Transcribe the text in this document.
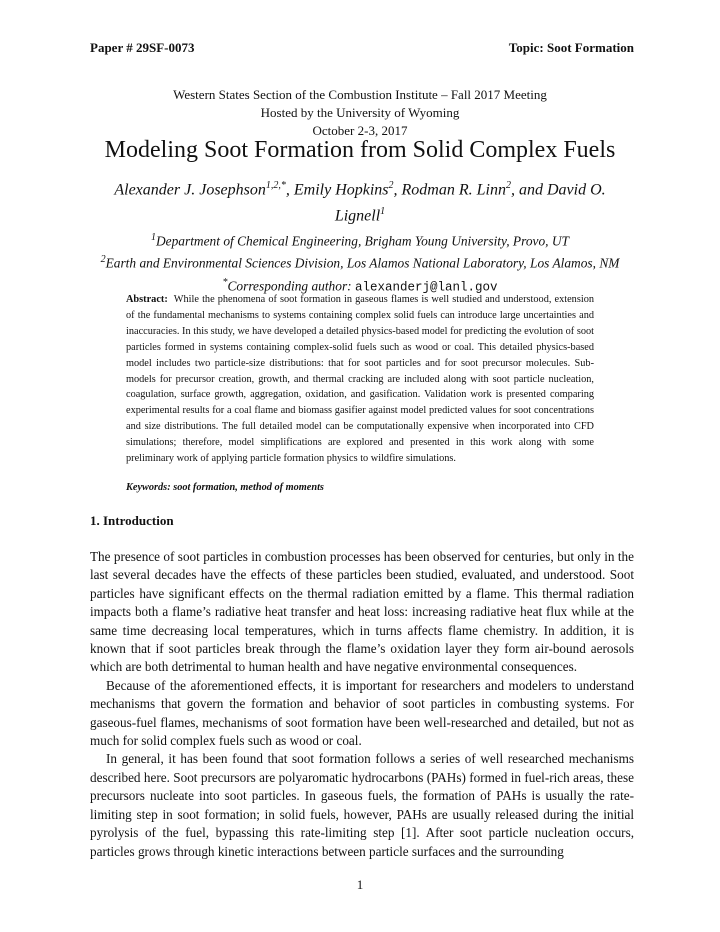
Paper # 29SF-0073	Topic: Soot Formation
Western States Section of the Combustion Institute – Fall 2017 Meeting
Hosted by the University of Wyoming
October 2-3, 2017
Modeling Soot Formation from Solid Complex Fuels
Alexander J. Josephson$^{1,2,*}$, Emily Hopkins$^2$, Rodman R. Linn$^2$, and David O. Lignell$^1$
$^1$Department of Chemical Engineering, Brigham Young University, Provo, UT
$^2$Earth and Environmental Sciences Division, Los Alamos National Laboratory, Los Alamos, NM
*Corresponding author: alexanderj@lanl.gov
Abstract: While the phenomena of soot formation in gaseous flames is well studied and understood, extension of the fundamental mechanisms to systems containing complex solid fuels can introduce large uncertainties and inaccuracies. In this study, we have developed a detailed physics-based model for predicting the evolution of soot particles formed in systems containing complex-solid fuels such as wood or coal. This detailed physics-based model includes two particle-size distributions: that for soot particles and for soot precursor molecules. Sub-models for precursor creation, growth, and thermal cracking are included along with soot particle nucleation, coagulation, surface growth, aggregation, oxidation, and gasification. Validation work is presented comparing experimental results for a coal flame and biomass gasifier against model predicted values for soot concentrations and size distributions. The full detailed model can be computationally expensive when incorporated into CFD simulations; therefore, model simplifications are explored and presented in this work along with some preliminary work of applying particle formation physics to wildfire simulations.
Keywords: soot formation, method of moments
1. Introduction

The presence of soot particles in combustion processes has been observed for centuries, but only in the last several decades have the effects of these particles been studied, evaluated, and understood. Soot particles have significant effects on the thermal radiation emitted by a flame. This thermal radiation impacts both a flame’s radiative heat transfer and heat loss: increasing radiative heat flux while at the same time decreasing local temperatures, which in turns affects flame chemistry. In addition, it is known that if soot particles break through the flame’s oxidation layer they form air-bound aerosols which are both detrimental to human health and have negative environmental consequences.

Because of the aforementioned effects, it is important for researchers and modelers to understand mechanisms that govern the formation and behavior of soot particles in combusting systems. For gaseous-fuel flames, mechanisms of soot formation have been well-researched and detailed, but not as much for solid complex fuels such as wood or coal.

In general, it has been found that soot formation follows a series of well researched mechanisms described here. Soot precursors are polyaromatic hydrocarbons (PAHs) formed in fuel-rich areas, these precursors nucleate into soot particles. In gaseous fuels, the formation of PAHs is usually the rate-limiting step in soot formation; in solid fuels, however, PAHs are usually released during the initial pyrolysis of the fuel, bypassing this rate-limiting step [1]. After soot particle nucleation occurs, particles grows through kinetic interactions between particle surfaces and the surrounding

1
